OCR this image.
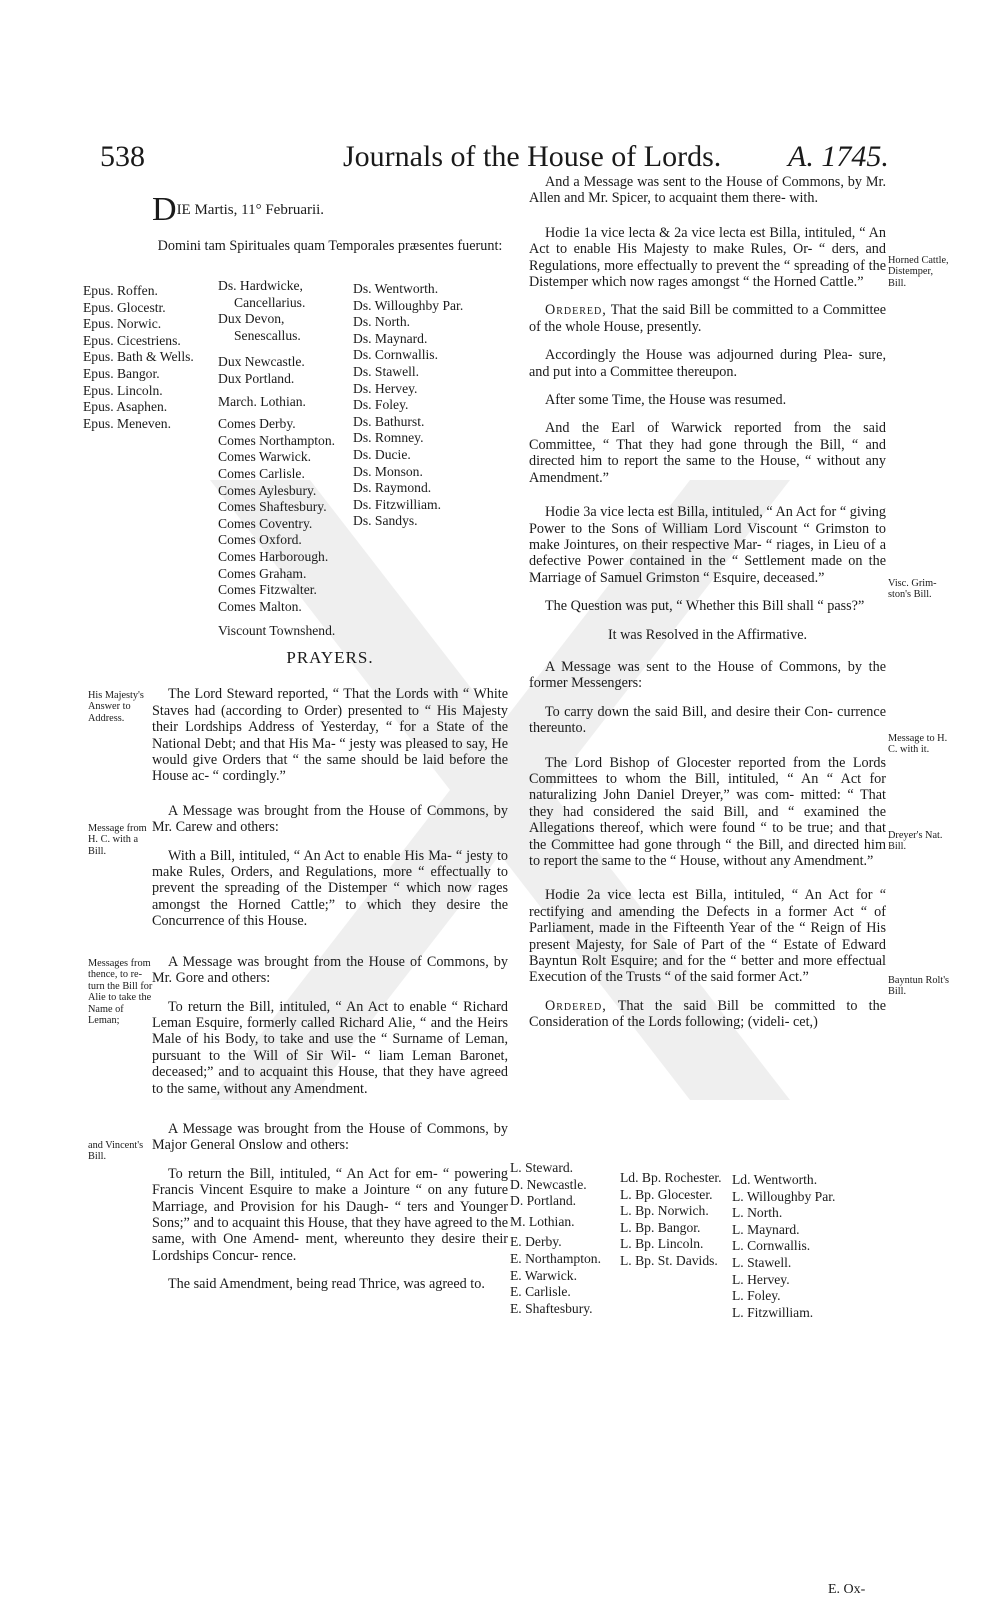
538	Journals of the House of Lords. A. 1745.
DIE Martis, 11° Februarii.
Domini tam Spirituales quam Temporales præsentes fuerunt:
Epus. Roffen.
Epus. Glocestr.
Epus. Norwic.
Epus. Cicestriens.
Epus. Bath & Wells.
Epus. Bangor.
Epus. Lincoln.
Epus. Asaphen.
Epus. Meneven.
Ds. Hardwicke,
Cancellarius.
Dux Devon,
Senescallus.
Dux Newcastle.
Dux Portland.
March. Lothian.
Comes Derby.
Comes Northampton.
Comes Warwick.
Comes Carlisle.
Comes Aylesbury.
Comes Shaftesbury.
Comes Coventry.
Comes Oxford.
Comes Harborough.
Comes Graham.
Comes Fitzwalter.
Comes Malton.
Viscount Townshend.
Ds. Wentworth.
Ds. Willoughby Par.
Ds. North.
Ds. Maynard.
Ds. Cornwallis.
Ds. Stawell.
Ds. Hervey.
Ds. Foley.
Ds. Bathurst.
Ds. Romney.
Ds. Ducie.
Ds. Monson.
Ds. Raymond.
Ds. Fitzwilliam.
Ds. Sandys.
PRAYERS.

The Lord Steward reported, “ That the Lords with “ White Staves had (according to Order) presented to “ His Majesty their Lordships Address of Yesterday, “ for a State of the National Debt; and that His Ma- “ jesty was pleased to say, He would give Orders that “ the same should be laid before the House ac- “ cordingly.”

A Message was brought from the House of Commons, by Mr. Carew and others:

With a Bill, intituled, “ An Act to enable His Ma- “ jesty to make Rules, Orders, and Regulations, more “ effectually to prevent the spreading of the Distemper “ which now rages amongst the Horned Cattle;” to which they desire the Concurrence of this House.

A Message was brought from the House of Commons, by Mr. Gore and others:

To return the Bill, intituled, “ An Act to enable “ Richard Leman Esquire, formerly called Richard Alie, “ and the Heirs Male of his Body, to take and use the “ Surname of Leman, pursuant to the Will of Sir Wil- “ liam Leman Baronet, deceased;” and to acquaint this House, that they have agreed to the same, without any Amendment.

A Message was brought from the House of Commons, by Major General Onslow and others:

To return the Bill, intituled, “ An Act for em- “ powering Francis Vincent Esquire to make a Jointure “ on any future Marriage, and Provision for his Daugh- “ ters and Younger Sons;” and to acquaint this House, that they have agreed to the same, with One Amend- ment, whereunto they desire their Lordships Concur- rence.

The said Amendment, being read Thrice, was agreed to.

His Majesty's Answer to Address.
Message from H. C. with a Bill.
Messages from thence, to re- turn the Bill for Alie to take the Name of Leman;
and Vincent's Bill.

And a Message was sent to the House of Commons, by Mr. Allen and Mr. Spicer, to acquaint them there- with.

Hodie 1a vice lecta & 2a vice lecta est Billa, intituled, “ An Act to enable His Majesty to make Rules, Or- “ ders, and Regulations, more effectually to prevent the “ spreading of the Distemper which now rages amongst “ the Horned Cattle.”

Ordered, That the said Bill be committed to a Committee of the whole House, presently.

Accordingly the House was adjourned during Plea- sure, and put into a Committee thereupon.

After some Time, the House was resumed.

And the Earl of Warwick reported from the said Committee, “ That they had gone through the Bill, “ and directed him to report the same to the House, “ without any Amendment.”

Hodie 3a vice lecta est Billa, intituled, “ An Act for “ giving Power to the Sons of William Lord Viscount “ Grimston to make Jointures, on their respective Mar- “ riages, in Lieu of a defective Power contained in the “ Settlement made on the Marriage of Samuel Grimston “ Esquire, deceased.”

The Question was put, “ Whether this Bill shall “ pass?”

It was Resolved in the Affirmative.

A Message was sent to the House of Commons, by the former Messengers:

To carry down the said Bill, and desire their Con- currence thereunto.

The Lord Bishop of Glocester reported from the Lords Committees to whom the Bill, intituled, “ An “ Act for naturalizing John Daniel Dreyer,” was com- mitted: “ That they had considered the said Bill, and “ examined the Allegations thereof, which were found “ to be true; and that the Committee had gone through “ the Bill, and directed him to report the same to the “ House, without any Amendment.”

Hodie 2a vice lecta est Billa, intituled, “ An Act for “ rectifying and amending the Defects in a former Act “ of Parliament, made in the Fifteenth Year of the “ Reign of His present Majesty, for Sale of Part of the “ Estate of Edward Bayntun Rolt Esquire; and for the “ better and more effectual Execution of the Trusts “ of the said former Act.”

Ordered, That the said Bill be committed to the Consideration of the Lords following; (videli- cet,)

L. Steward.
D. Newcastle.
D. Portland.
M. Lothian.
E. Derby.
E. Northampton.
E. Warwick.
E. Carlisle.
E. Shaftesbury.
Ld. Bp. Rochester.
L. Bp. Glocester.
L. Bp. Norwich.
L. Bp. Bangor.
L. Bp. Lincoln.
L. Bp. St. Davids.
Ld. Wentworth.
L. Willoughby Par.
L. North.
L. Maynard.
L. Cornwallis.
L. Stawell.
L. Hervey.
L. Foley.
L. Fitzwilliam.
E. Ox-
Horned Cattle, Distemper, Bill.
Visc. Grim- ston's Bill.
Message to H. C. with it.
Dreyer's Nat. Bill.
Bayntun Rolt's Bill.
